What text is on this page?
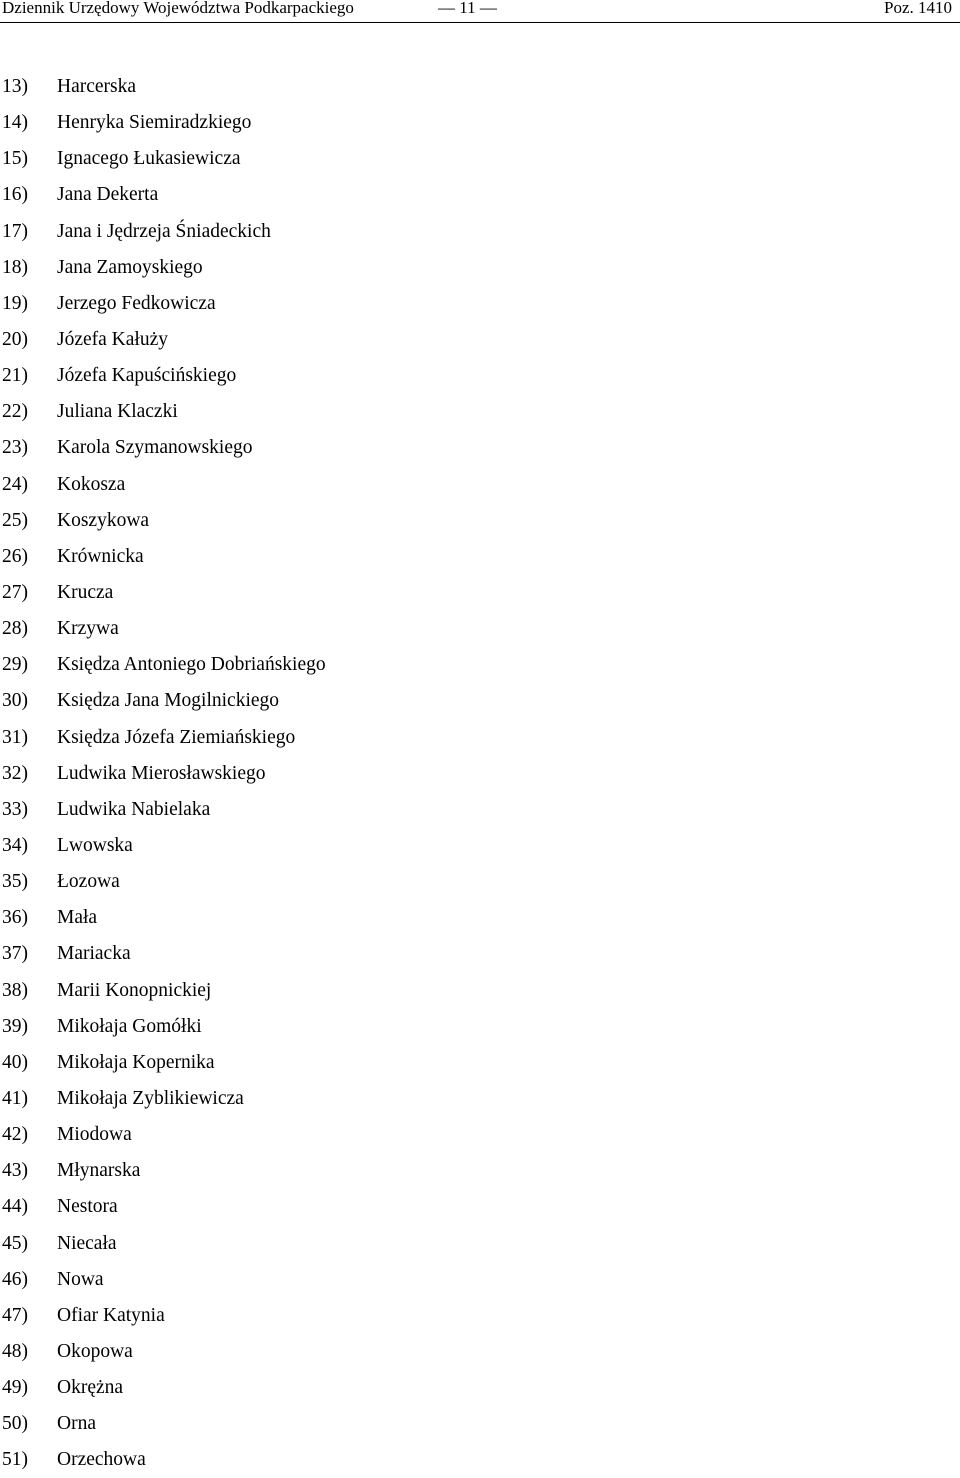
Dziennik Urzędowy Województwa Podkarpackiego	— 11 —	Poz. 1410
13) Harcerska
14) Henryka Siemiradzkiego
15) Ignacego Łukasiewicza
16) Jana Dekerta
17) Jana i Jędrzeja Śniadeckich
18) Jana Zamoyskiego
19) Jerzego Fedkowicza
20) Józefa Kałuży
21) Józefa Kapuścińskiego
22) Juliana Klaczki
23) Karola Szymanowskiego
24) Kokosza
25) Koszykowa
26) Krównicka
27) Krucza
28) Krzywa
29) Księdza Antoniego Dobriańskiego
30) Księdza Jana Mogilnickiego
31) Księdza Józefa Ziemiańskiego
32) Ludwika Mierosławskiego
33) Ludwika Nabielaka
34) Lwowska
35) Łozowa
36) Mała
37) Mariacka
38) Marii Konopnickiej
39) Mikołaja Gomółki
40) Mikołaja Kopernika
41) Mikołaja Zyblikiewicza
42) Miodowa
43) Młynarska
44) Nestora
45) Niecała
46) Nowa
47) Ofiar Katynia
48) Okopowa
49) Okrężna
50) Orna
51) Orzechowa
